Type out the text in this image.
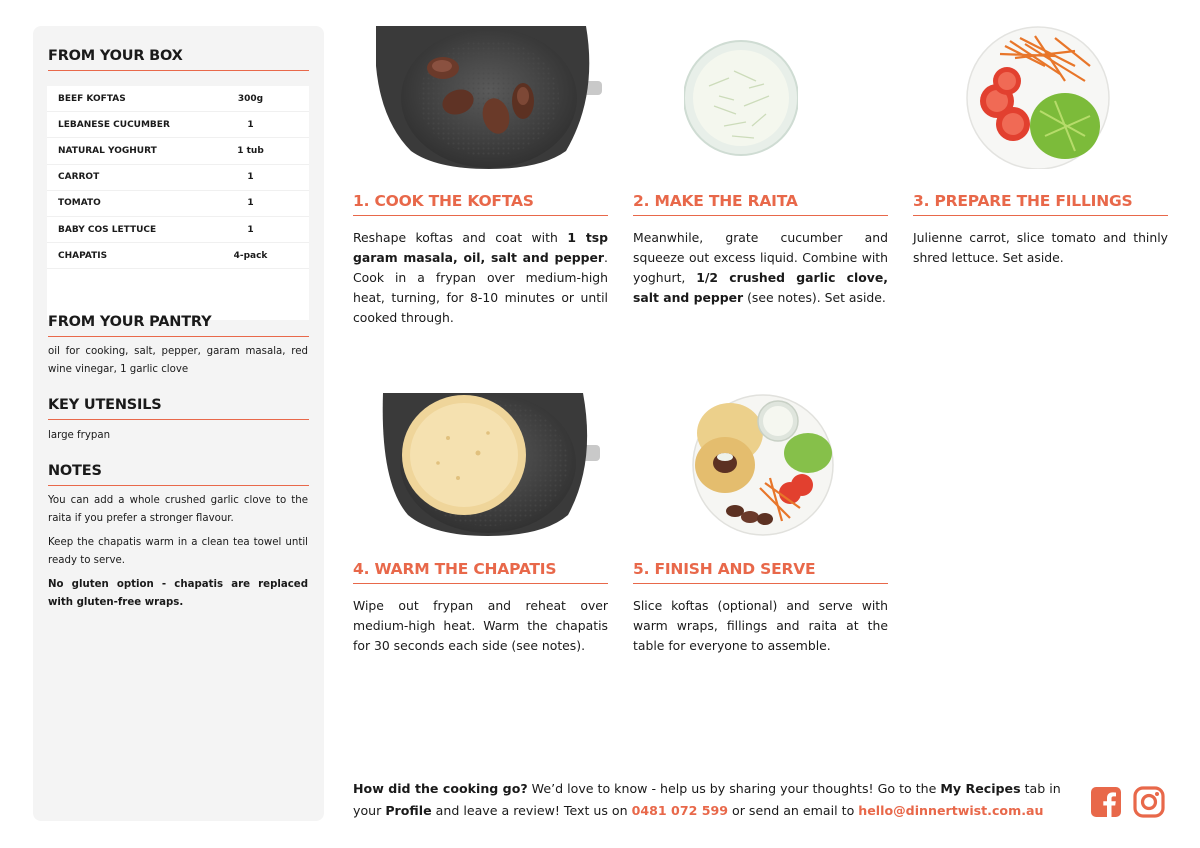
FROM YOUR BOX
FROM YOUR PANTRY
oil for cooking, salt, pepper, garam masala, red wine vinegar, 1 garlic clove
KEY UTENSILS
large frypan
NOTES
You can add a whole crushed garlic clove to the raita if you prefer a stronger flavour.
Keep the chapatis warm in a clean tea towel until ready to serve.
No gluten option - chapatis are replaced with gluten-free wraps.
BEEF KOFTAS	300g
LEBANESE CUCUMBER	1
NATURAL YOGHURT	1 tub
CARROT	1
TOMATO	1
BABY COS LETTUCE	1
CHAPATIS	4-pack
1. COOK THE KOFTAS
Reshape koftas and coat with 1 tsp garam masala, oil, salt and pepper. Cook in a frypan over medium-high heat, turning, for 8-10 minutes or until cooked through.
2. MAKE THE RAITA
Meanwhile, grate cucumber and squeeze out excess liquid. Combine with yoghurt, 1/2 crushed garlic clove, salt and pepper (see notes). Set aside.
3. PREPARE THE FILLINGS
Julienne carrot, slice tomato and thinly shred lettuce. Set aside.
4. WARM THE CHAPATIS
Wipe out frypan and reheat over medium-high heat. Warm the chapatis for 30 seconds each side (see notes).
5. FINISH AND SERVE
Slice koftas (optional) and serve with warm wraps, fillings and raita at the table for everyone to assemble.
How did the cooking go? We’d love to know - help us by sharing your thoughts! Go to the My Recipes tab in your Profile and leave a review! Text us on 0481 072 599 or send an email to hello@dinnertwist.com.au
